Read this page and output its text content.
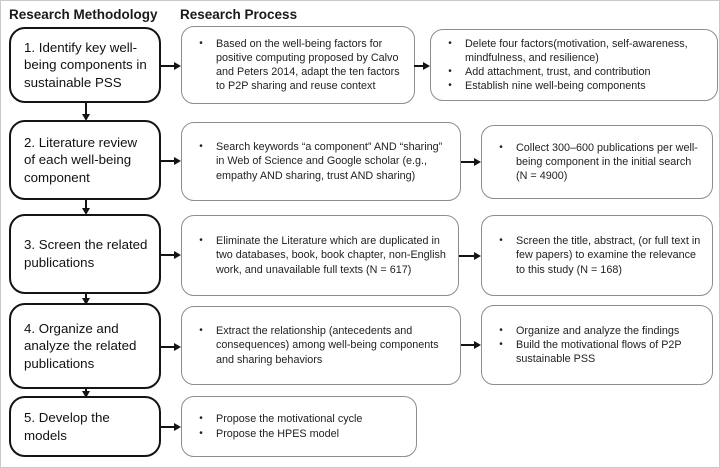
Research Methodology Research Process
1. Identify key well-being components in sustainable PSS
•
Based on the well-being factors for positive computing proposed by Calvo and Peters 2014, adapt the ten factors to P2P sharing and reuse context
•
Delete four factors(motivation, self-awareness, mindfulness, and resilience)
•
Add attachment, trust, and contribution
•
Establish nine well-being components
2. Literature review of each well-being component
•
Search keywords “a component” AND “sharing” in Web of Science and Google scholar (e.g., empathy AND sharing, trust AND sharing)
•
Collect 300–600 publications per well-being component in the initial search (N = 4900)
3. Screen the related publications
•
Eliminate the Literature which are duplicated in two databases, book, book chapter, non-English work, and unavailable full texts (N = 617)
•
Screen the title, abstract, (or full text in few papers) to examine the relevance to this study (N = 168)
4. Organize and analyze the related publications
•
Extract the relationship (antecedents and consequences) among well-being components and sharing behaviors
•
Organize and analyze the findings
•
Build the motivational flows of P2P sustainable PSS
5. Develop the models
•
Propose the motivational cycle
•
Propose the HPES model
